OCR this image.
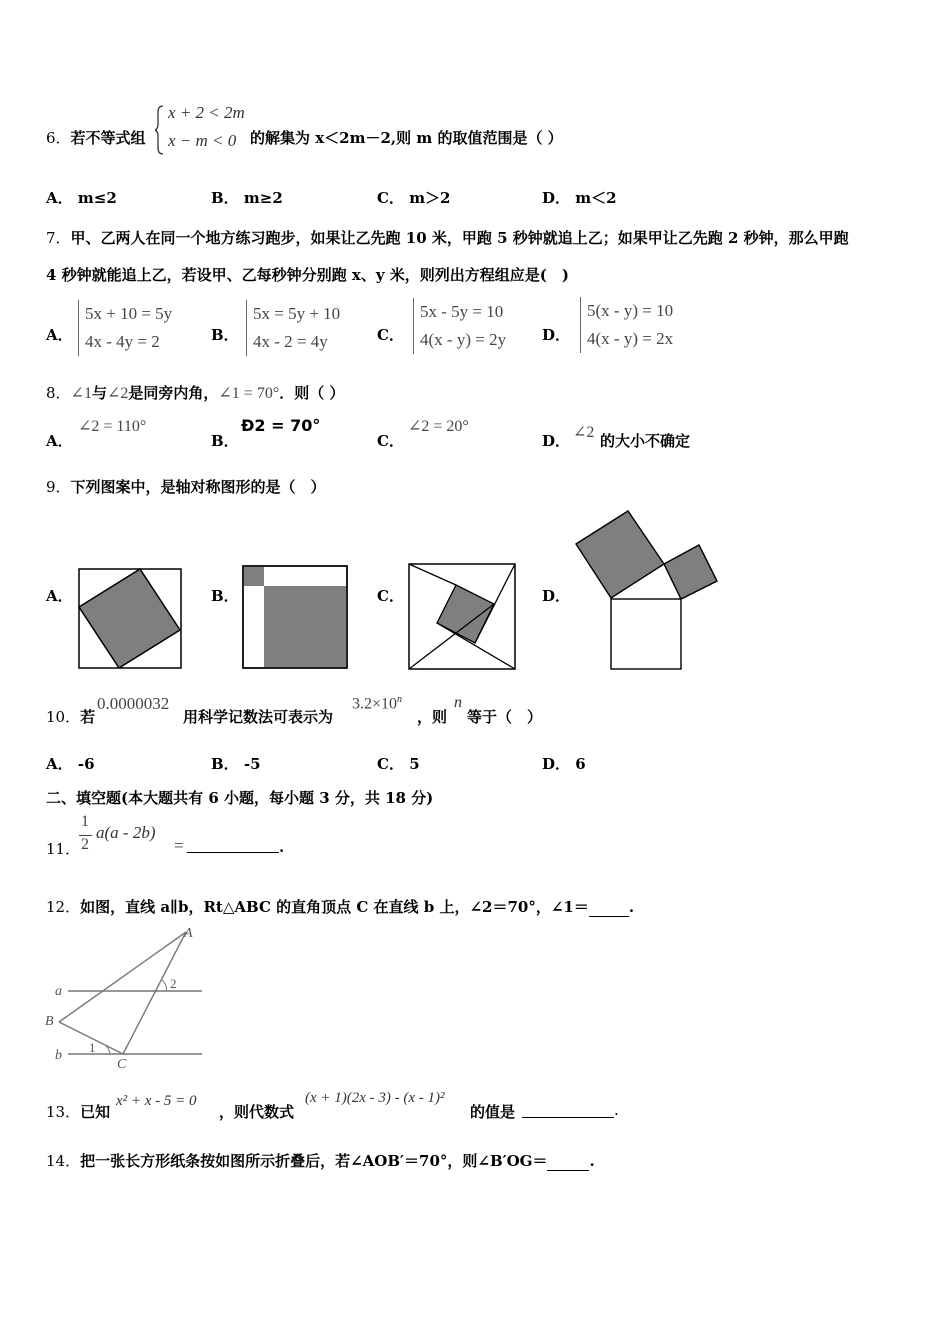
6．若不等式组
x + 2 < 2m
x − m < 0 的解集为 x＜2m－2,则 m 的取值范围是（ ）
A． m≤2	B． m≥2	C． m＞2	D． m＜2
7．甲、乙两人在同一个地方练习跑步，如果让乙先跑 10 米，甲跑 5 秒钟就追上乙；如果甲让乙先跑 2 秒钟，那么甲跑
4 秒钟就能追上乙，若设甲、乙每秒钟分别跑 x、y 米，则列出方程组应是(　)
A．
5x + 10 = 5y
4x - 4y = 2	B．
5x = 5y + 10
4x - 2 = 4y	C．
5x - 5y = 10
4(x - y) = 2y D．
5(x - y) = 10
4(x - y) = 2x
8．∠1与∠2是同旁内角，∠1 = 70°．则（ ）
A．
∠2 = 110°
B．
Ð2 = 70°
C．
∠2 = 20°
D． ∠2 的大小不确定
9．下列图案中，是轴对称图形的是（　）
A．	B．	C．	D．
10．若
0.0000032
用科学记数法可表示为
$3.2\times 10^n$
，则
n
等于（　）
A． -6	B． -5	C． 5	D． 6
二、填空题(本大题共有 6 小题，每小题 3 分，共 18 分)
11．
1
2
a(a - 2b)
=	.
12．如图，直线 a∥b，Rt△ABC 的直角顶点 C 在直线 b 上，∠2＝70°，∠1＝	.
A
B
C
a
b
1
2
13．已知
x² + x - 5 = 0
，则代数式
(x + 1)(2x - 3) - (x - 1)²
的值是	.
14．把一张长方形纸条按如图所示折叠后，若∠AOB′＝70°，则∠B′OG＝	.
